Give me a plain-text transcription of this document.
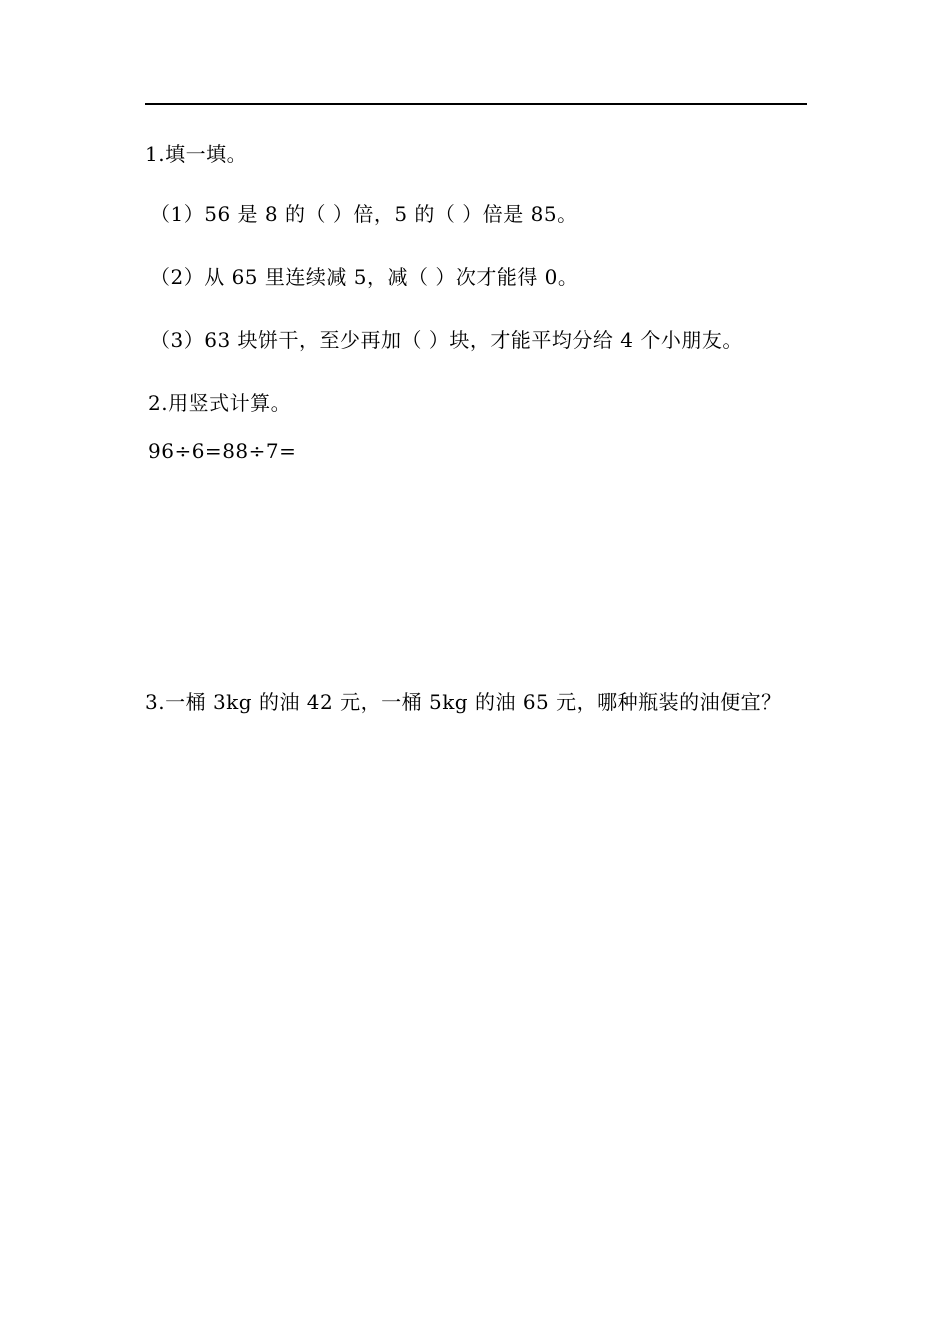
1.填一填。
（1）56 是 8 的（ ）倍，5 的（ ）倍是 85。
（2）从 65 里连续减 5，减（ ）次才能得 0。
（3）63 块饼干，至少再加（ ）块，才能平均分给 4 个小朋友。
2.用竖式计算。
96÷6=88÷7=
3.一桶 3kg 的油 42 元，一桶 5kg 的油 65 元，哪种瓶装的油便宜？
